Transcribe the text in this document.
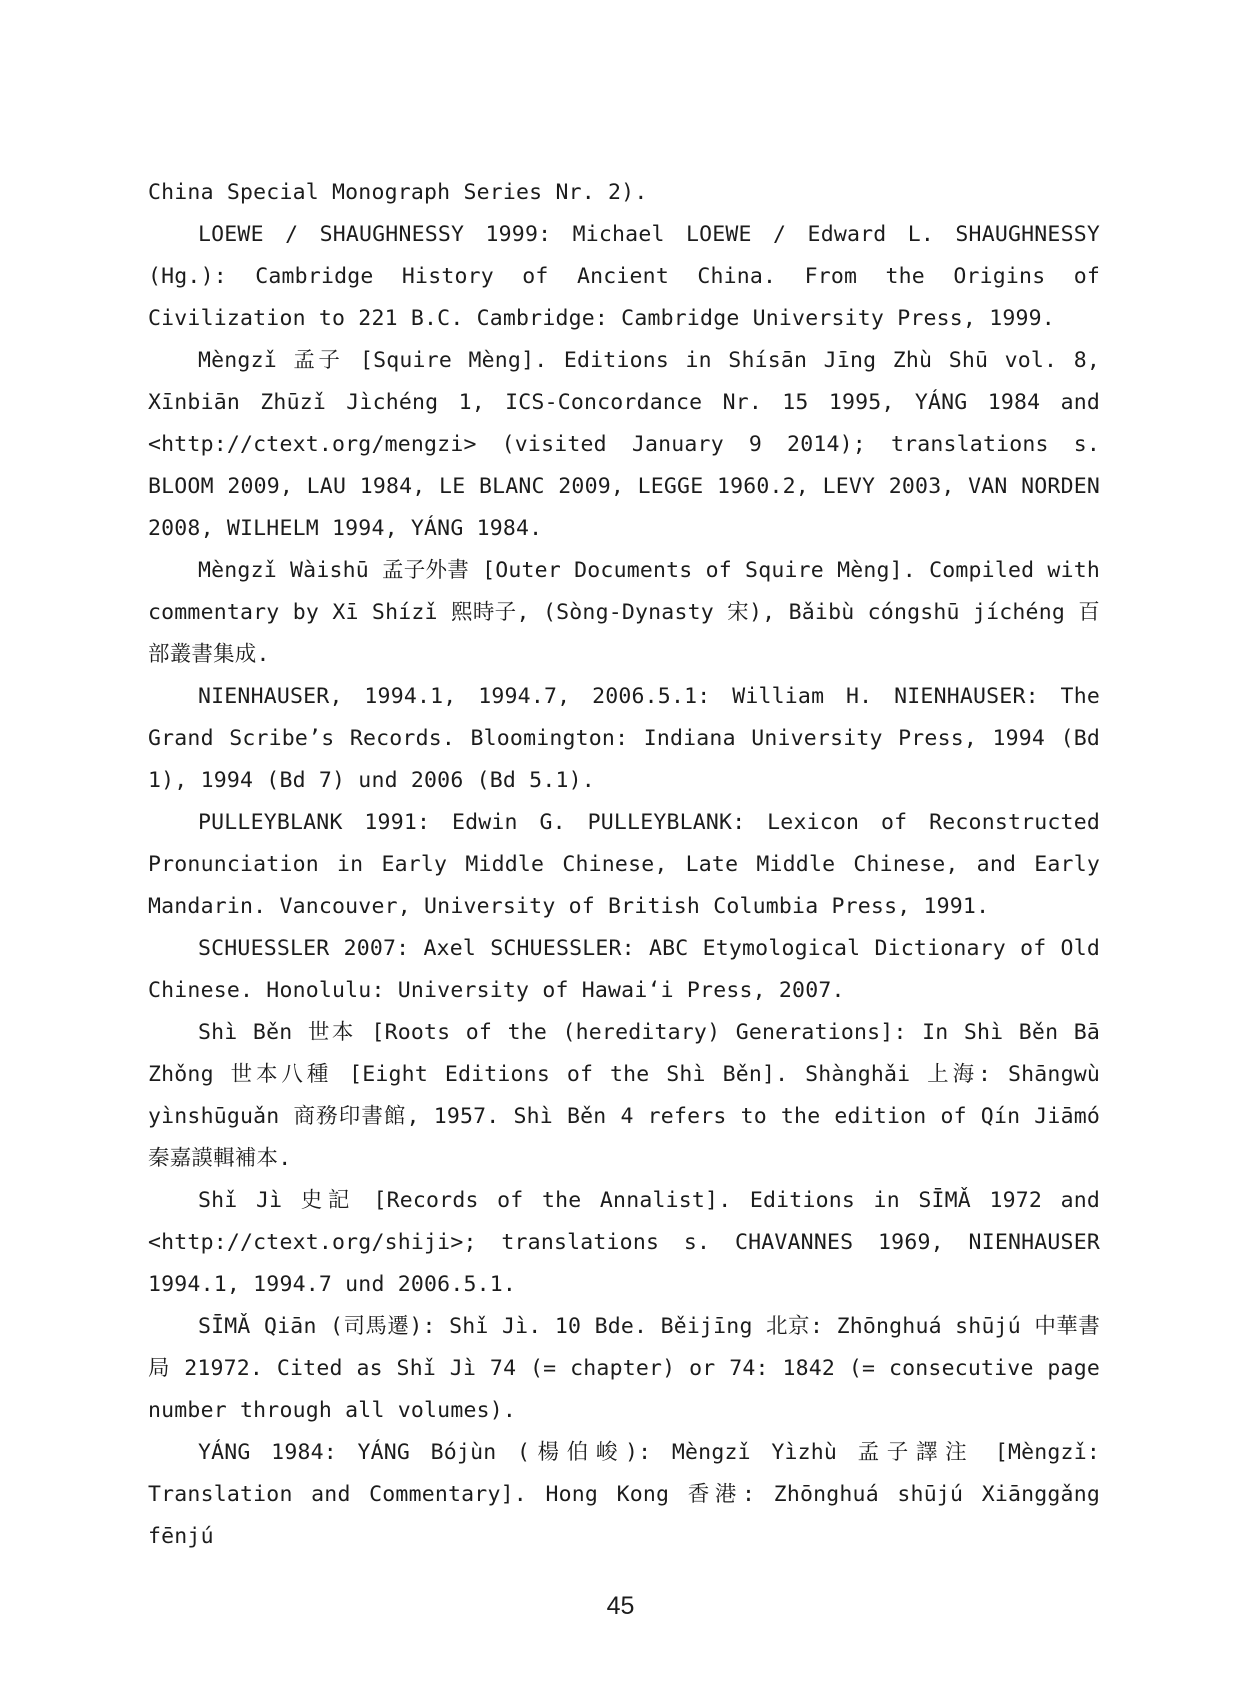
China Special Monograph Series Nr. 2).

LOEWE / SHAUGHNESSY 1999: Michael LOEWE / Edward L. SHAUGHNESSY (Hg.): Cambridge History of Ancient China. From the Origins of Civilization to 221 B.C. Cambridge: Cambridge University Press, 1999.

Mèngzǐ 孟子 [Squire Mèng]. Editions in Shísān Jīng Zhù Shū vol. 8, Xīnbiān Zhūzǐ Jìchéng 1, ICS-Concordance Nr. 15 1995, YÁNG 1984 and <http://ctext.org/mengzi> (visited January 9 2014); translations s. BLOOM 2009, LAU 1984, LE BLANC 2009, LEGGE 1960.2, LEVY 2003, VAN NORDEN 2008, WILHELM 1994, YÁNG 1984.

Mèngzǐ Wàishū 孟子外書 [Outer Documents of Squire Mèng]. Compiled with commentary by Xī Shízǐ 熙時子, (Sòng-Dynasty 宋), Bǎibù cóngshū jíchéng 百部叢書集成.

NIENHAUSER, 1994.1, 1994.7, 2006.5.1: William H. NIENHAUSER: The Grand Scribe’s Records. Bloomington: Indiana University Press, 1994 (Bd 1), 1994 (Bd 7) und 2006 (Bd 5.1).

PULLEYBLANK 1991: Edwin G. PULLEYBLANK: Lexicon of Reconstructed Pronunciation in Early Middle Chinese, Late Middle Chinese, and Early Mandarin. Vancouver, University of British Columbia Press, 1991.

SCHUESSLER 2007: Axel SCHUESSLER: ABC Etymological Dictionary of Old Chinese. Honolulu: University of Hawai‘i Press, 2007.

Shì Běn 世本 [Roots of the (hereditary) Generations]: In Shì Běn Bā Zhǒng 世本八種 [Eight Editions of the Shì Běn]. Shànghǎi 上海: Shāngwù yìnshūguǎn 商務印書館, 1957. Shì Běn 4 refers to the edition of Qín Jiāmó 秦嘉謨輯補本.

Shǐ Jì 史記 [Records of the Annalist]. Editions in SĪMǍ 1972 and <http://ctext.org/shiji>; translations s. CHAVANNES 1969, NIENHAUSER 1994.1, 1994.7 und 2006.5.1.

SĪMǍ Qiān (司馬遷): Shǐ Jì. 10 Bde. Běijīng 北京: Zhōnghuá shūjú 中華書局 21972. Cited as Shǐ Jì 74 (= chapter) or 74: 1842 (= consecutive page number through all volumes).

YÁNG 1984: YÁNG Bójùn (楊伯峻): Mèngzǐ Yìzhù 孟子譯注 [Mèngzǐ: Translation and Commentary]. Hong Kong 香港: Zhōnghuá shūjú Xiānggǎng fēnjú

45
